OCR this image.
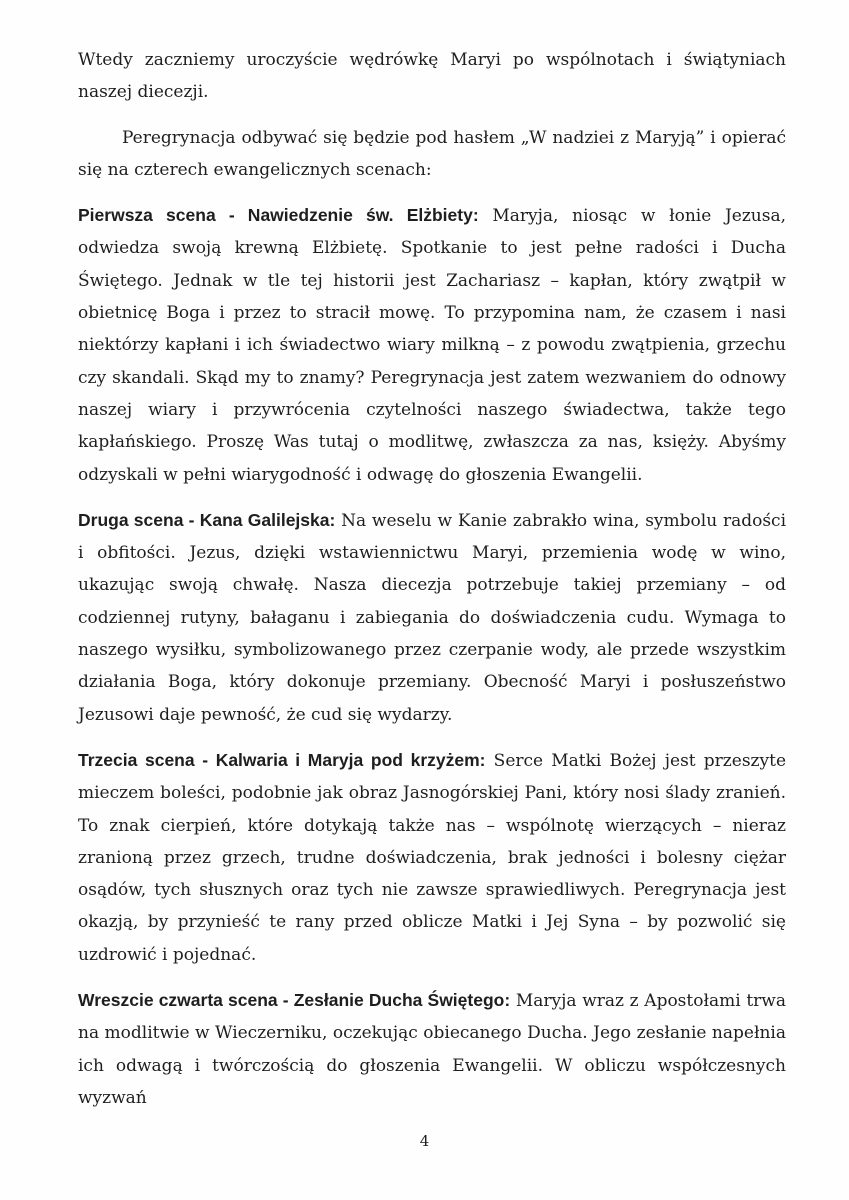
Wtedy zaczniemy uroczyście wędrówkę Maryi po wspólnotach i świątyniach naszej diecezji.

Peregrynacja odbywać się będzie pod hasłem „W nadziei z Maryją” i opierać się na czterech ewangelicznych scenach:

Pierwsza scena - Nawiedzenie św. Elżbiety: Maryja, niosąc w łonie Jezusa, odwiedza swoją krewną Elżbietę. Spotkanie to jest pełne radości i Ducha Świętego. Jednak w tle tej historii jest Zachariasz – kapłan, który zwątpił w obietnicę Boga i przez to stracił mowę. To przypomina nam, że czasem i nasi niektórzy kapłani i ich świadectwo wiary milkną – z powodu zwątpienia, grzechu czy skandali. Skąd my to znamy? Peregrynacja jest zatem wezwaniem do odnowy naszej wiary i przywrócenia czytelności naszego świadectwa, także tego kapłańskiego. Proszę Was tutaj o modlitwę, zwłaszcza za nas, księży. Abyśmy odzyskali w pełni wiarygodność i odwagę do głoszenia Ewangelii.

Druga scena - Kana Galilejska: Na weselu w Kanie zabrakło wina, symbolu radości i obfitości. Jezus, dzięki wstawiennictwu Maryi, przemienia wodę w wino, ukazując swoją chwałę. Nasza diecezja potrzebuje takiej przemiany – od codziennej rutyny, bałaganu i zabiegania do doświadczenia cudu. Wymaga to naszego wysiłku, symbolizowanego przez czerpanie wody, ale przede wszystkim działania Boga, który dokonuje przemiany. Obecność Maryi i posłuszeństwo Jezusowi daje pewność, że cud się wydarzy.

Trzecia scena - Kalwaria i Maryja pod krzyżem: Serce Matki Bożej jest przeszyte mieczem boleści, podobnie jak obraz Jasnogórskiej Pani, który nosi ślady zranień. To znak cierpień, które dotykają także nas – wspólnotę wierzących – nieraz zranioną przez grzech, trudne doświadczenia, brak jedności i bolesny ciężar osądów, tych słusznych oraz tych nie zawsze sprawiedliwych. Peregrynacja jest okazją, by przynieść te rany przed oblicze Matki i Jej Syna – by pozwolić się uzdrowić i pojednać.

Wreszcie czwarta scena - Zesłanie Ducha Świętego: Maryja wraz z Apostołami trwa na modlitwie w Wieczerniku, oczekując obiecanego Ducha. Jego zesłanie napełnia ich odwagą i twórczością do głoszenia Ewangelii. W obliczu współczesnych wyzwań

4
